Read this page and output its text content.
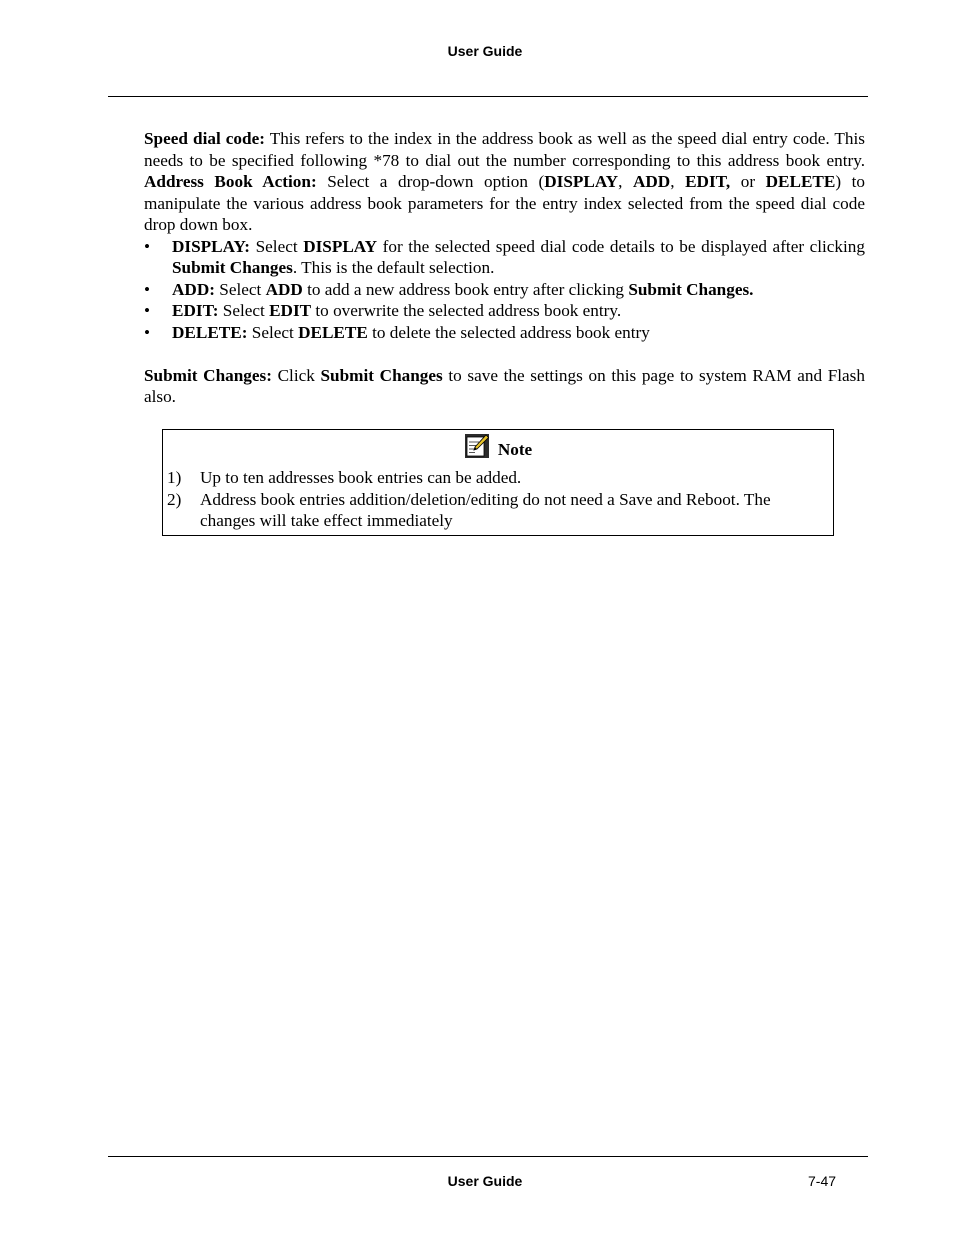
User Guide

Speed dial code: This refers to the index in the address book as well as the speed dial entry code. This needs to be specified following *78 to dial out the number corresponding to this address book entry. Address Book Action: Select a drop-down option (DISPLAY, ADD, EDIT, or DELETE) to manipulate the various address book parameters for the entry index selected from the speed dial code drop down box.

• DISPLAY: Select DISPLAY for the selected speed dial code details to be displayed after clicking Submit Changes. This is the default selection.
• ADD: Select ADD to add a new address book entry after clicking Submit Changes.
• EDIT: Select EDIT to overwrite the selected address book entry.
• DELETE: Select DELETE to delete the selected address book entry

Submit Changes: Click Submit Changes to save the settings on this page to system RAM and Flash also.

Note
1) Up to ten addresses book entries can be added.
2) Address book entries addition/deletion/editing do not need a Save and Reboot. The changes will take effect immediately
User Guide	7-47
